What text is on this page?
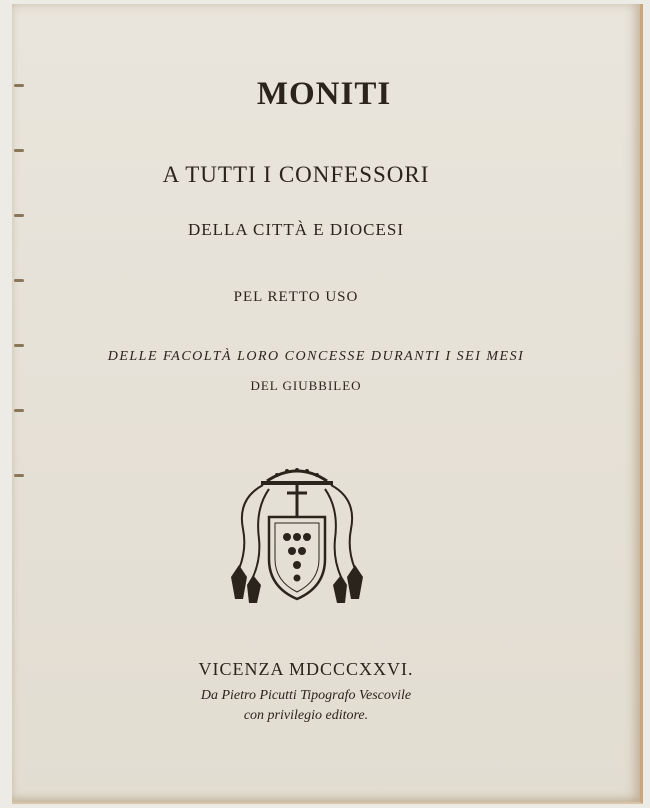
MONITI
A TUTTI I CONFESSORI
DELLA CITTÀ E DIOCESI
PEL RETTO USO
DELLE FACOLTÀ LORO CONCESSE DURANTI I SEI MESI
DEL GIUBBILEO
VICENZA MDCCCXXVI.
Da Pietro Picutti Tipografo Vescovile
con privilegio editore.
